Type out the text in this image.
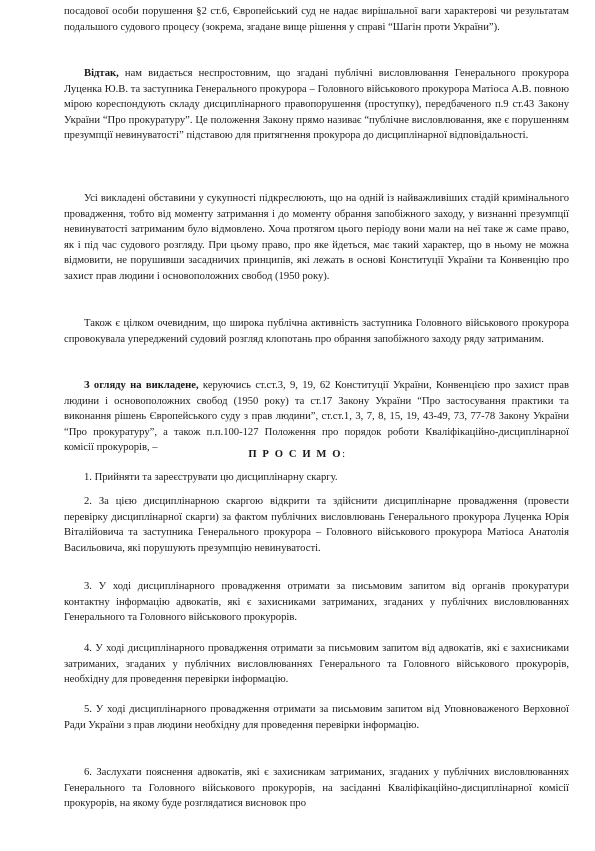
посадової особи порушення §2 ст.6, Європейський суд не надає вирішальної ваги характерові чи результатам подальшого судового процесу (зокрема, згадане вище рішення у справі “Шагін проти України”).

Відтак, нам видається неспростовним, що згадані публічні висловлювання Генерального прокурора Луценка Ю.В. та заступника Генерального прокурора – Головного військового прокурора Матіоса А.В. повною мірою кореспондують складу дисциплінарного правопорушення (проступку), передбаченого п.9 ст.43 Закону України “Про прокуратуру”. Це положення Закону прямо називає “публічне висловлювання, яке є порушенням презумпції невинуватості” підставою для притягнення прокурора до дисциплінарної відповідальності.

Усі викладені обставини у сукупності підкреслюють, що на одній із найважливіших стадій кримінального провадження, тобто від моменту затримання і до моменту обрання запобіжного заходу, у визнанні презумпції невинуватості затриманим було відмовлено. Хоча протягом цього періоду вони мали на неї таке ж саме право, як і під час судового розгляду. При цьому право, про яке йдеться, має такий характер, що в ньому не можна відмовити, не порушивши засадничих принципів, які лежать в основі Конституції України та Конвенцію про захист прав людини і основоположних свобод (1950 року).

Також є цілком очевидним, що широка публічна активність заступника Головного військового прокурора спровокувала упереджений судовий розгляд клопотань про обрання запобіжного заходу ряду затриманим.

З огляду на викладене, керуючись ст.ст.3, 9, 19, 62 Конституції України, Конвенцією про захист прав людини і основоположних свобод (1950 року) та ст.17 Закону України “Про застосування практики та виконання рішень Європейського суду з прав людини”, ст.ст.1, 3, 7, 8, 15, 19, 43-49, 73, 77-78 Закону України “Про прокуратуру”, а також п.п.100-127 Положення про порядок роботи Кваліфікаційно-дисциплінарної комісії прокурорів, –

П Р О С И М О:

1. Прийняти та зареєструвати цю дисциплінарну скаргу.

2. За цією дисциплінарною скаргою відкрити та здійснити дисциплінарне провадження (провести перевірку дисциплінарної скарги) за фактом публічних висловлювань Генерального прокурора Луценка Юрія Віталійовича та заступника Генерального прокурора – Головного військового прокурора Матіоса Анатолія Васильовича, які порушують презумпцію невинуватості.

3. У ході дисциплінарного провадження отримати за письмовим запитом від органів прокуратури контактну інформацію адвокатів, які є захисниками затриманих, згаданих у публічних висловлюваннях Генерального та Головного військового прокурорів.

4. У ході дисциплінарного провадження отримати за письмовим запитом від адвокатів, які є захисниками затриманих, згаданих у публічних висловлюваннях Генерального та Головного військового прокурорів, необхідну для проведення перевірки інформацію.

5. У ході дисциплінарного провадження отримати за письмовим запитом від Уповноваженого Верховної Ради України з прав людини необхідну для проведення перевірки інформацію.

6. Заслухати пояснення адвокатів, які є захисникам затриманих, згаданих у публічних висловлюваннях Генерального та Головного військового прокурорів, на засіданні Кваліфікаційно-дисциплінарної комісії прокурорів, на якому буде розглядатися висновок про
